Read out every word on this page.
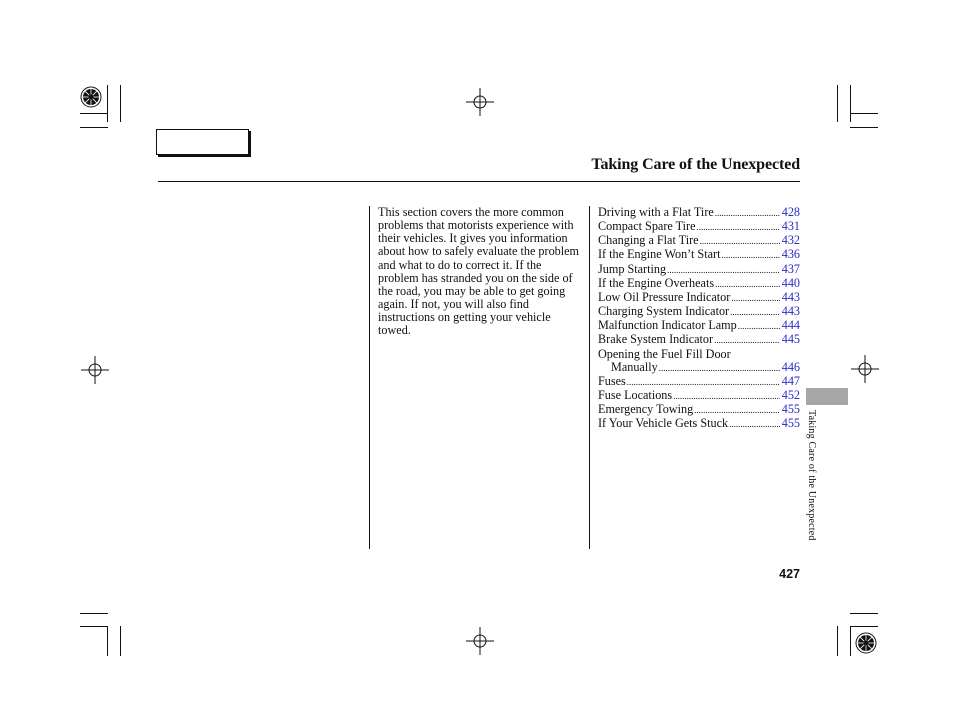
Taking Care of the Unexpected
This section covers the more common problems that motorists experience with their vehicles. It gives you information about how to safely evaluate the problem and what to do to correct it. If the problem has stranded you on the side of the road, you may be able to get going again. If not, you will also find instructions on getting your vehicle towed.
Driving with a Flat Tire .....	428
Compact Spare Tire .....	431
Changing a Flat Tire .....	432
If the Engine Won’t Start .....	436
Jump Starting .....	437
If the Engine Overheats .....	440
Low Oil Pressure Indicator .....	443
Charging System Indicator .....	443
Malfunction Indicator Lamp .....	444
Brake System Indicator .....	445
Opening the Fuel Fill Door
Manually .....	446
Fuses .....	447
Fuse Locations .....	452
Emergency Towing .....	455
If Your Vehicle Gets Stuck .....	455 Taking Care of the Unexpected
427
